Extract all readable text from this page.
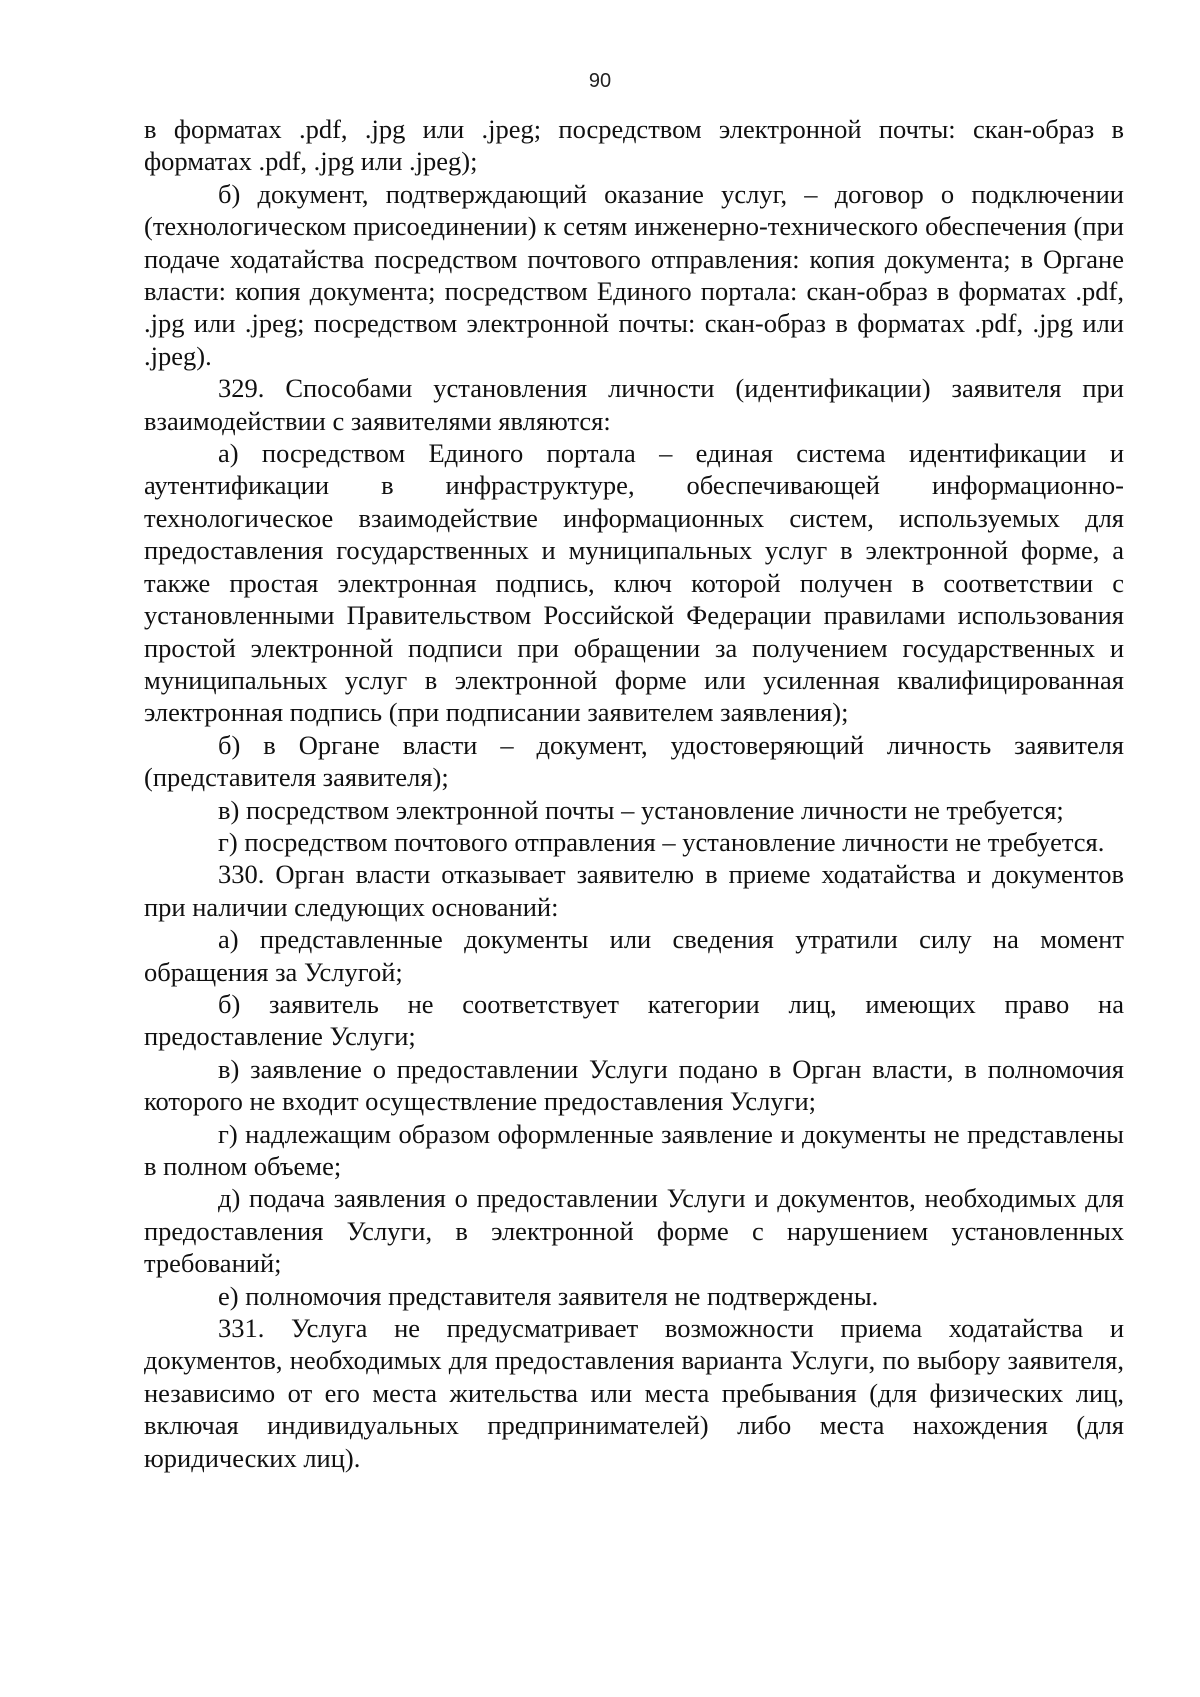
90

в форматах .pdf, .jpg или .jpeg; посредством электронной почты: скан-образ в форматах .pdf, .jpg или .jpeg);

б) документ, подтверждающий оказание услуг, – договор о подключении (технологическом присоединении) к сетям инженерно-технического обеспечения (при подаче ходатайства посредством почтового отправления: копия документа; в Органе власти: копия документа; посредством Единого портала: скан-образ в форматах .pdf, .jpg или .jpeg; посредством электронной почты: скан-образ в форматах .pdf, .jpg или .jpeg).

329. Способами установления личности (идентификации) заявителя при взаимодействии с заявителями являются:

а) посредством Единого портала – единая система идентификации и аутентификации в инфраструктуре, обеспечивающей информационно-технологическое взаимодействие информационных систем, используемых для предоставления государственных и муниципальных услуг в электронной форме, а также простая электронная подпись, ключ которой получен в соответствии с установленными Правительством Российской Федерации правилами использования простой электронной подписи при обращении за получением государственных и муниципальных услуг в электронной форме или усиленная квалифицированная электронная подпись (при подписании заявителем заявления);

б) в Органе власти – документ, удостоверяющий личность заявителя (представителя заявителя);

в) посредством электронной почты – установление личности не требуется;

г) посредством почтового отправления – установление личности не требуется.

330. Орган власти отказывает заявителю в приеме ходатайства и документов при наличии следующих оснований:

а) представленные документы или сведения утратили силу на момент обращения за Услугой;

б) заявитель не соответствует категории лиц, имеющих право на предоставление Услуги;

в) заявление о предоставлении Услуги подано в Орган власти, в полномочия которого не входит осуществление предоставления Услуги;

г) надлежащим образом оформленные заявление и документы не представлены в полном объеме;

д) подача заявления о предоставлении Услуги и документов, необходимых для предоставления Услуги, в электронной форме с нарушением установленных требований;

е) полномочия представителя заявителя не подтверждены.

331. Услуга не предусматривает возможности приема ходатайства и документов, необходимых для предоставления варианта Услуги, по выбору заявителя, независимо от его места жительства или места пребывания (для физических лиц, включая индивидуальных предпринимателей) либо места нахождения (для юридических лиц).
